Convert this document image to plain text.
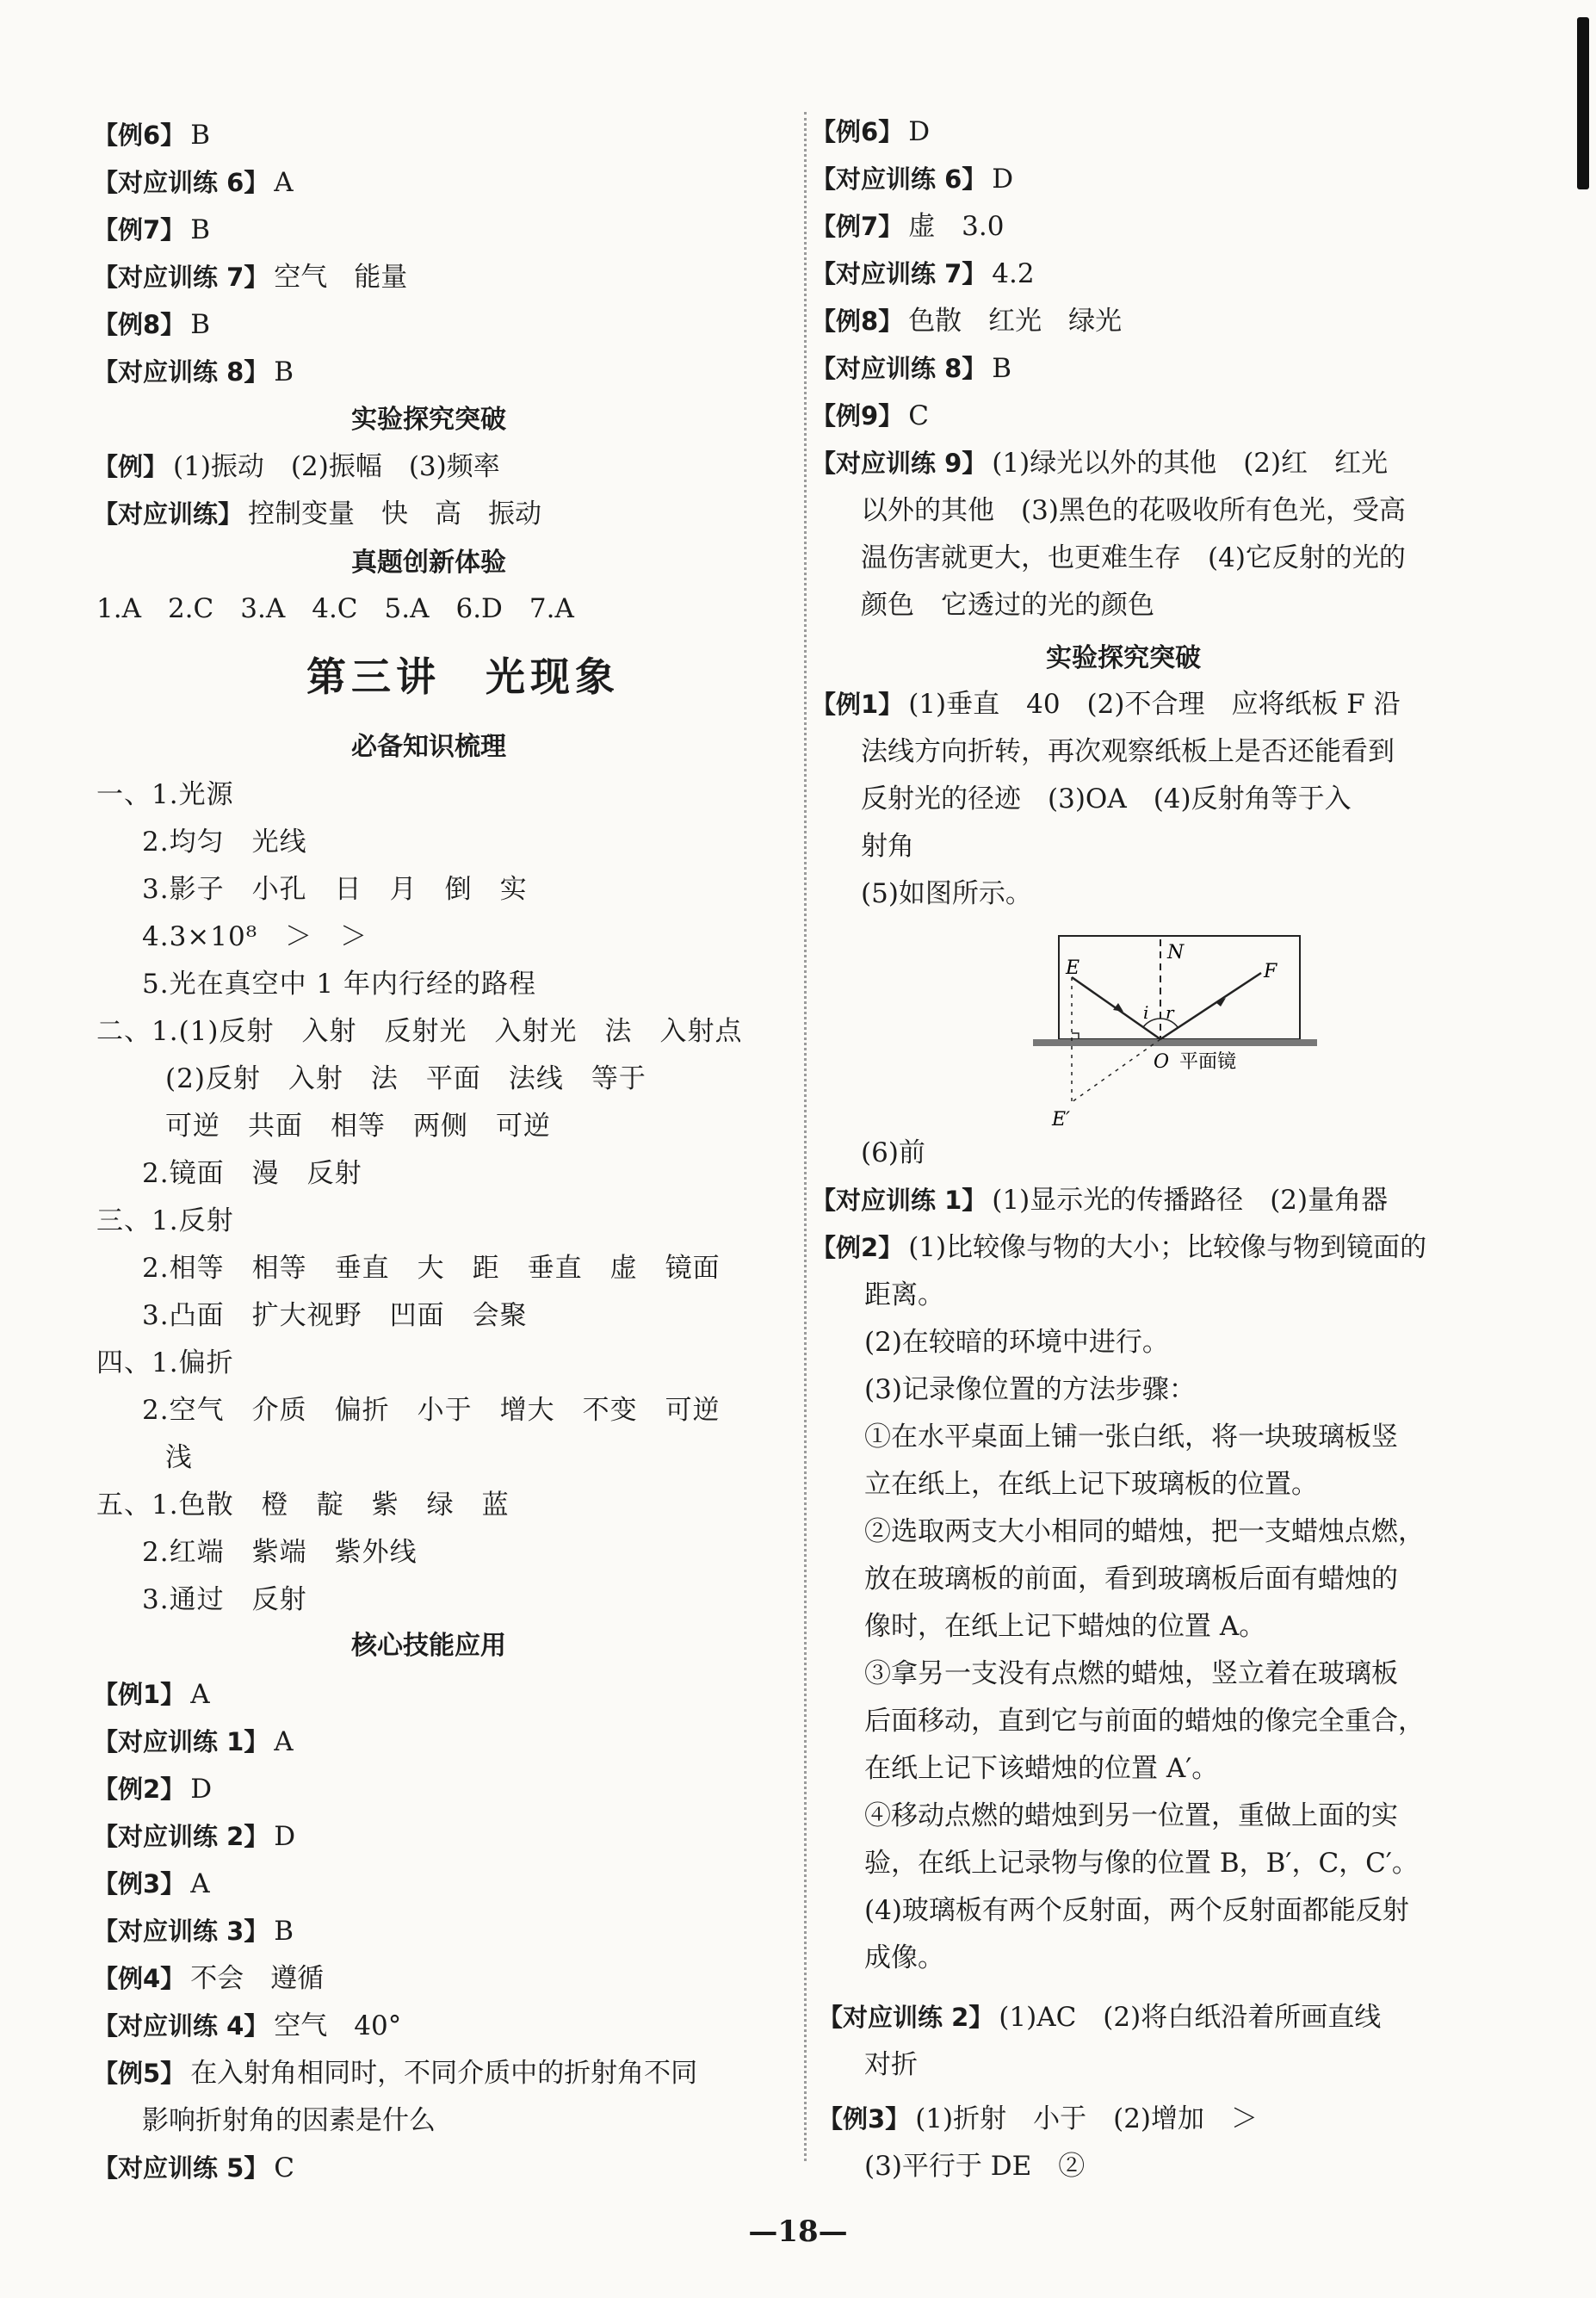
【例6】 B
【对应训练 6】 A
【例7】 B
【对应训练 7】 空气　能量
【例8】 B
【对应训练 8】 B
实验探究突破
【例】 (1)振动　(2)振幅　(3)频率
【对应训练】 控制变量　快　高　振动
真题创新体验
1.A　2.C　3.A　4.C　5.A　6.D　7.A
第三讲　光现象
必备知识梳理
一、1.光源
2.均匀　光线
3.影子　小孔　日　月　倒　实
4.3×10⁸　＞　＞
5.光在真空中 1 年内行经的路程
二、1.(1)反射　入射　反射光　入射光　法　入射点
(2)反射　入射　法　平面　法线　等于
可逆　共面　相等　两侧　可逆
2.镜面　漫　反射
三、1.反射
2.相等　相等　垂直　大　距　垂直　虚　镜面
3.凸面　扩大视野　凹面　会聚
四、1.偏折
2.空气　介质　偏折　小于　增大　不变　可逆
浅
五、1.色散　橙　靛　紫　绿　蓝
2.红端　紫端　紫外线
3.通过　反射
核心技能应用
【例1】 A
【对应训练 1】 A
【例2】 D
【对应训练 2】 D
【例3】 A
【对应训练 3】 B
【例4】 不会　遵循
【对应训练 4】 空气　40°
【例5】 在入射角相同时，不同介质中的折射角不同
影响折射角的因素是什么
【对应训练 5】 C
【例6】 D
【对应训练 6】 D
【例7】 虚　3.0
【对应训练 7】 4.2
【例8】 色散　红光　绿光
【对应训练 8】 B
【例9】 C
【对应训练 9】 (1)绿光以外的其他　(2)红　红光
以外的其他　(3)黑色的花吸收所有色光，受高
温伤害就更大，也更难生存　(4)它反射的光的
颜色　它透过的光的颜色
实验探究突破
【例1】 (1)垂直　40　(2)不合理　应将纸板 F 沿
法线方向折转，再次观察纸板上是否还能看到
反射光的径迹　(3)OA　(4)反射角等于入
射角
(5)如图所示。
(6)前
【对应训练 1】 (1)显示光的传播路径　(2)量角器
【例2】 (1)比较像与物的大小；比较像与物到镜面的
距离。
(2)在较暗的环境中进行。
(3)记录像位置的方法步骤：
①在水平桌面上铺一张白纸，将一块玻璃板竖
立在纸上，在纸上记下玻璃板的位置。
②选取两支大小相同的蜡烛，把一支蜡烛点燃，
放在玻璃板的前面，看到玻璃板后面有蜡烛的
像时，在纸上记下蜡烛的位置 A。
③拿另一支没有点燃的蜡烛，竖立着在玻璃板
后面移动，直到它与前面的蜡烛的像完全重合，
在纸上记下该蜡烛的位置 A′。
④移动点燃的蜡烛到另一位置，重做上面的实
验，在纸上记录物与像的位置 B，B′，C，C′。
(4)玻璃板有两个反射面，两个反射面都能反射
成像。
【对应训练 2】 (1)AC　(2)将白纸沿着所画直线
对折
【例3】 (1)折射　小于　(2)增加　＞
(3)平行于 DE　②
N
E	F
i r
O 平面镜
E′
—18—
